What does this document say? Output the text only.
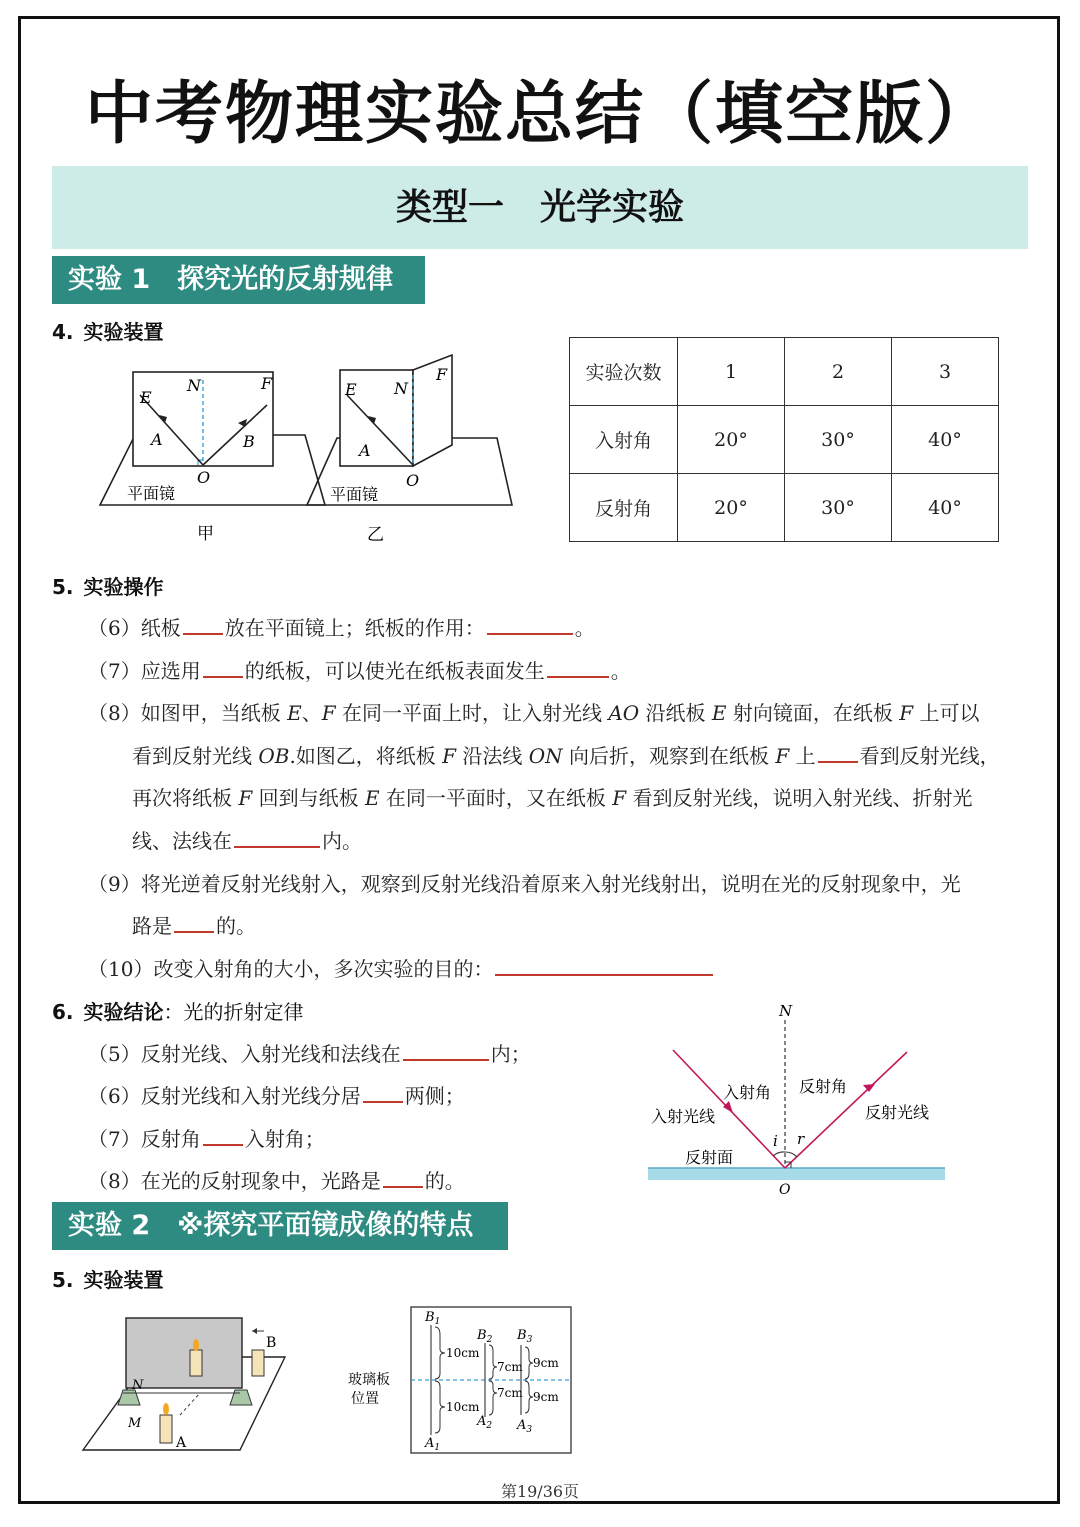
中考物理实验总结（填空版）
类型一　光学实验
实验 1　探究光的反射规律
4. 实验装置
E
N	F
A	B
O
平面镜
甲
E N
F
A
O
平面镜
乙
实验次数	1	2	3
入射角	20°	30°	40°
反射角	20°	30°	40°
5. 实验操作
（6）纸板 放在平面镜上；纸板的作用：	。
（7）应选用 的纸板，可以使光在纸板表面发生	。
（8）如图甲，当纸板 E、F 在同一平面上时，让入射光线 AO 沿纸板 E 射向镜面，在纸板 F 上可以
看到反射光线 OB.如图乙，将纸板 F 沿法线 ON 向后折，观察到在纸板 F 上 看到反射光线，
再次将纸板 F 回到与纸板 E 在同一平面时，又在纸板 F 看到反射光线，说明入射光线、折射光
线、法线在	内。
（9）将光逆着反射光线射入，观察到反射光线沿着原来入射光线射出，说明在光的反射现象中，光
路是 的。
（10）改变入射角的大小，多次实验的目的：
6. 实验结论：光的折射定律
（5）反射光线、入射光线和法线在	内；
（6）反射光线和入射光线分居 两侧；
（7）反射角 入射角；
（8）在光的反射现象中，光路是 的。
N
入射角 反射角
入射光线	反射光线
反射面
i r
O
实验 2　※探究平面镜成像的特点
5. 实验装置
B
N
M
A
玻璃板
位置
$B_1$
$B_2$ $B_3$
$A_1$
$A_2$ $A_3$
10cm
10cm
7cm
7cm
9cm
9cm
第19/36页
